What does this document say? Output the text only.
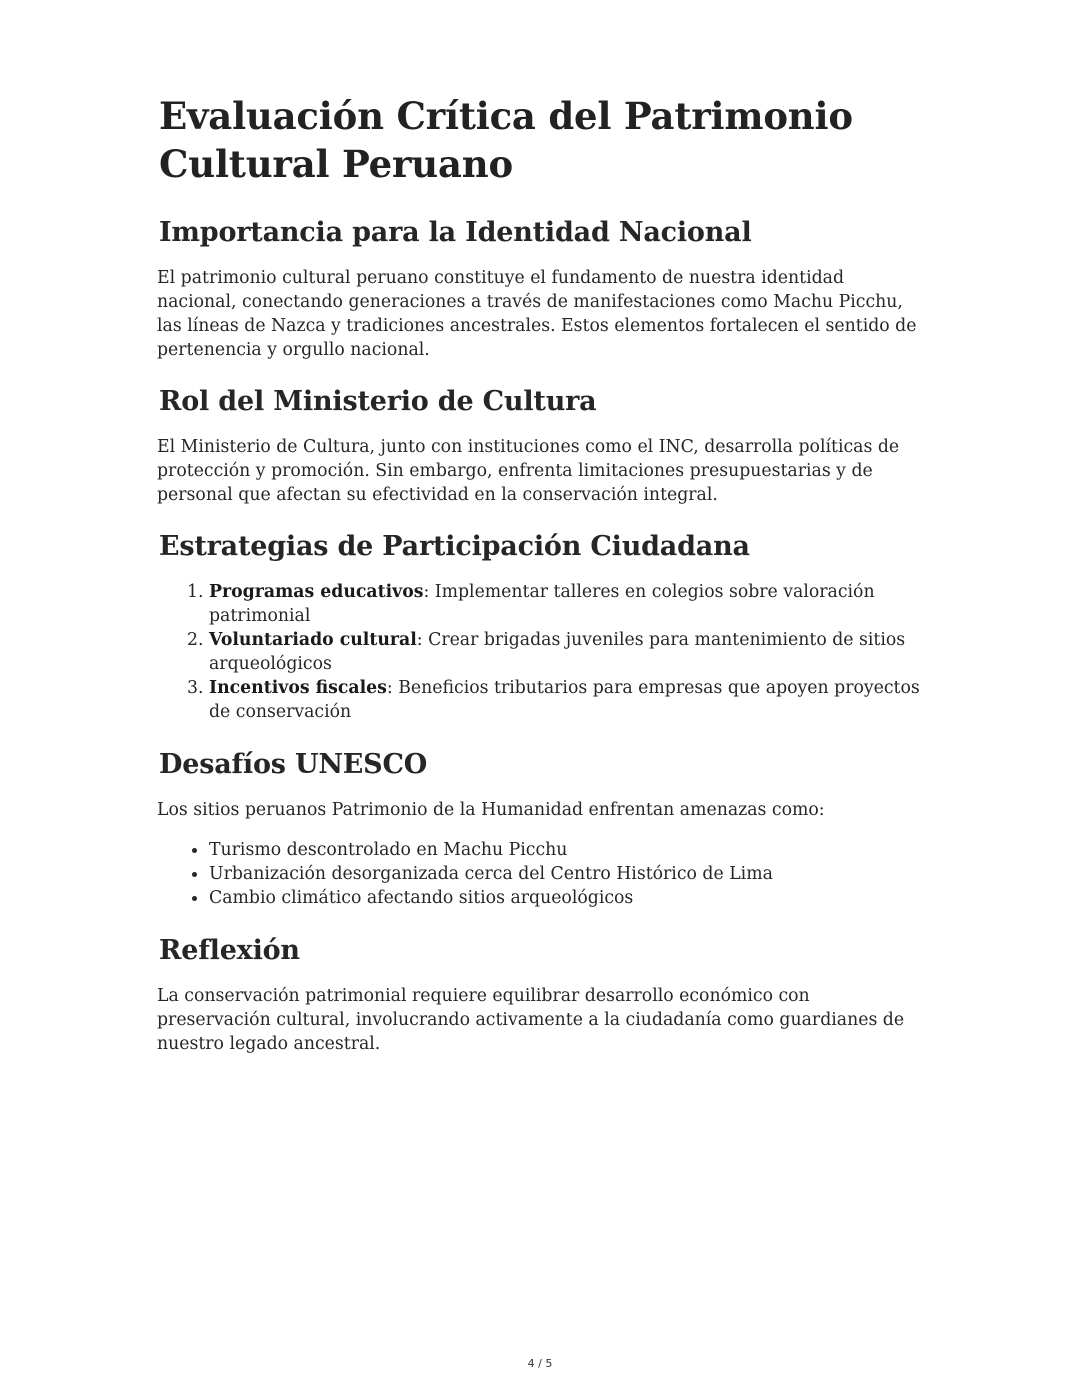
Evaluación Crítica del Patrimonio Cultural Peruano
Importancia para la Identidad Nacional

El patrimonio cultural peruano constituye el fundamento de nuestra identidad nacional, conectando generaciones a través de manifestaciones como Machu Picchu, las líneas de Nazca y tradiciones ancestrales. Estos elementos fortalecen el sentido de pertenencia y orgullo nacional.

Rol del Ministerio de Cultura

El Ministerio de Cultura, junto con instituciones como el INC, desarrolla políticas de protección y promoción. Sin embargo, enfrenta limitaciones presupuestarias y de personal que afectan su efectividad en la conservación integral.

Estrategias de Participación Ciudadana
1. Programas educativos: Implementar talleres en colegios sobre valoración patrimonial
2. Voluntariado cultural: Crear brigadas juveniles para mantenimiento de sitios arqueológicos
3. Incentivos fiscales: Beneficios tributarios para empresas que apoyen proyectos de conservación
Desafíos UNESCO

Los sitios peruanos Patrimonio de la Humanidad enfrentan amenazas como:

• Turismo descontrolado en Machu Picchu
• Urbanización desorganizada cerca del Centro Histórico de Lima
• Cambio climático afectando sitios arqueológicos
Reflexión

La conservación patrimonial requiere equilibrar desarrollo económico con preservación cultural, involucrando activamente a la ciudadanía como guardianes de nuestro legado ancestral.

4 / 5
